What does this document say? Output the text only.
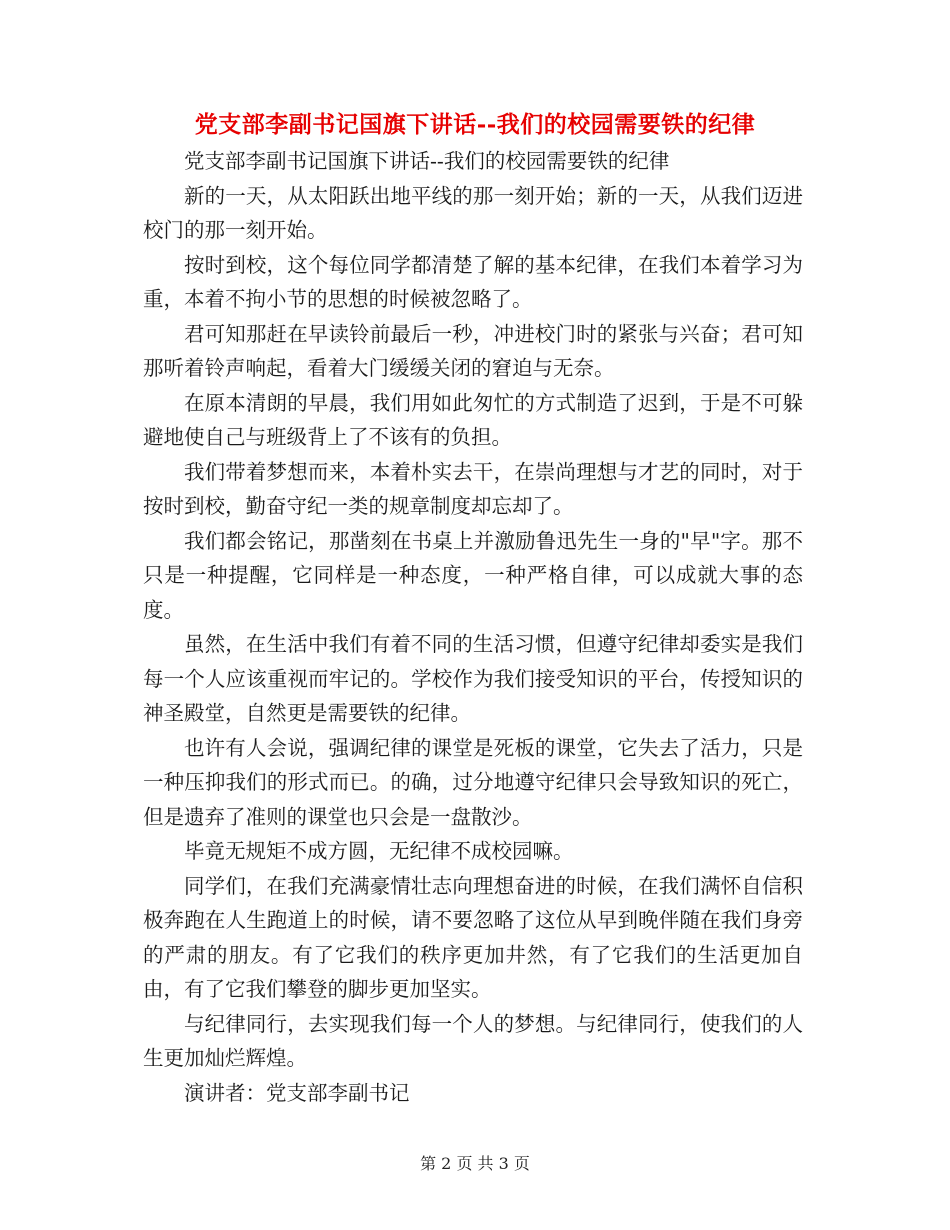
党支部李副书记国旗下讲话--我们的校园需要铁的纪律

党支部李副书记国旗下讲话--我们的校园需要铁的纪律

新的一天，从太阳跃出地平线的那一刻开始；新的一天，从我们迈进校门的那一刻开始。

按时到校，这个每位同学都清楚了解的基本纪律，在我们本着学习为重，本着不拘小节的思想的时候被忽略了。

君可知那赶在早读铃前最后一秒，冲进校门时的紧张与兴奋；君可知那听着铃声响起，看着大门缓缓关闭的窘迫与无奈。

在原本清朗的早晨，我们用如此匆忙的方式制造了迟到，于是不可躲避地使自己与班级背上了不该有的负担。

我们带着梦想而来，本着朴实去干，在崇尚理想与才艺的同时，对于按时到校，勤奋守纪一类的规章制度却忘却了。

我们都会铭记，那凿刻在书桌上并激励鲁迅先生一身的"早"字。那不只是一种提醒，它同样是一种态度，一种严格自律，可以成就大事的态度。

虽然，在生活中我们有着不同的生活习惯，但遵守纪律却委实是我们每一个人应该重视而牢记的。学校作为我们接受知识的平台，传授知识的神圣殿堂，自然更是需要铁的纪律。

也许有人会说，强调纪律的课堂是死板的课堂，它失去了活力，只是一种压抑我们的形式而已。的确，过分地遵守纪律只会导致知识的死亡，但是遗弃了准则的课堂也只会是一盘散沙。

毕竟无规矩不成方圆，无纪律不成校园嘛。

同学们，在我们充满豪情壮志向理想奋进的时候，在我们满怀自信积极奔跑在人生跑道上的时候，请不要忽略了这位从早到晚伴随在我们身旁的严肃的朋友。有了它我们的秩序更加井然，有了它我们的生活更加自由，有了它我们攀登的脚步更加坚实。

与纪律同行，去实现我们每一个人的梦想。与纪律同行，使我们的人生更加灿烂辉煌。

演讲者：党支部李副书记

第 2 页 共 3 页
